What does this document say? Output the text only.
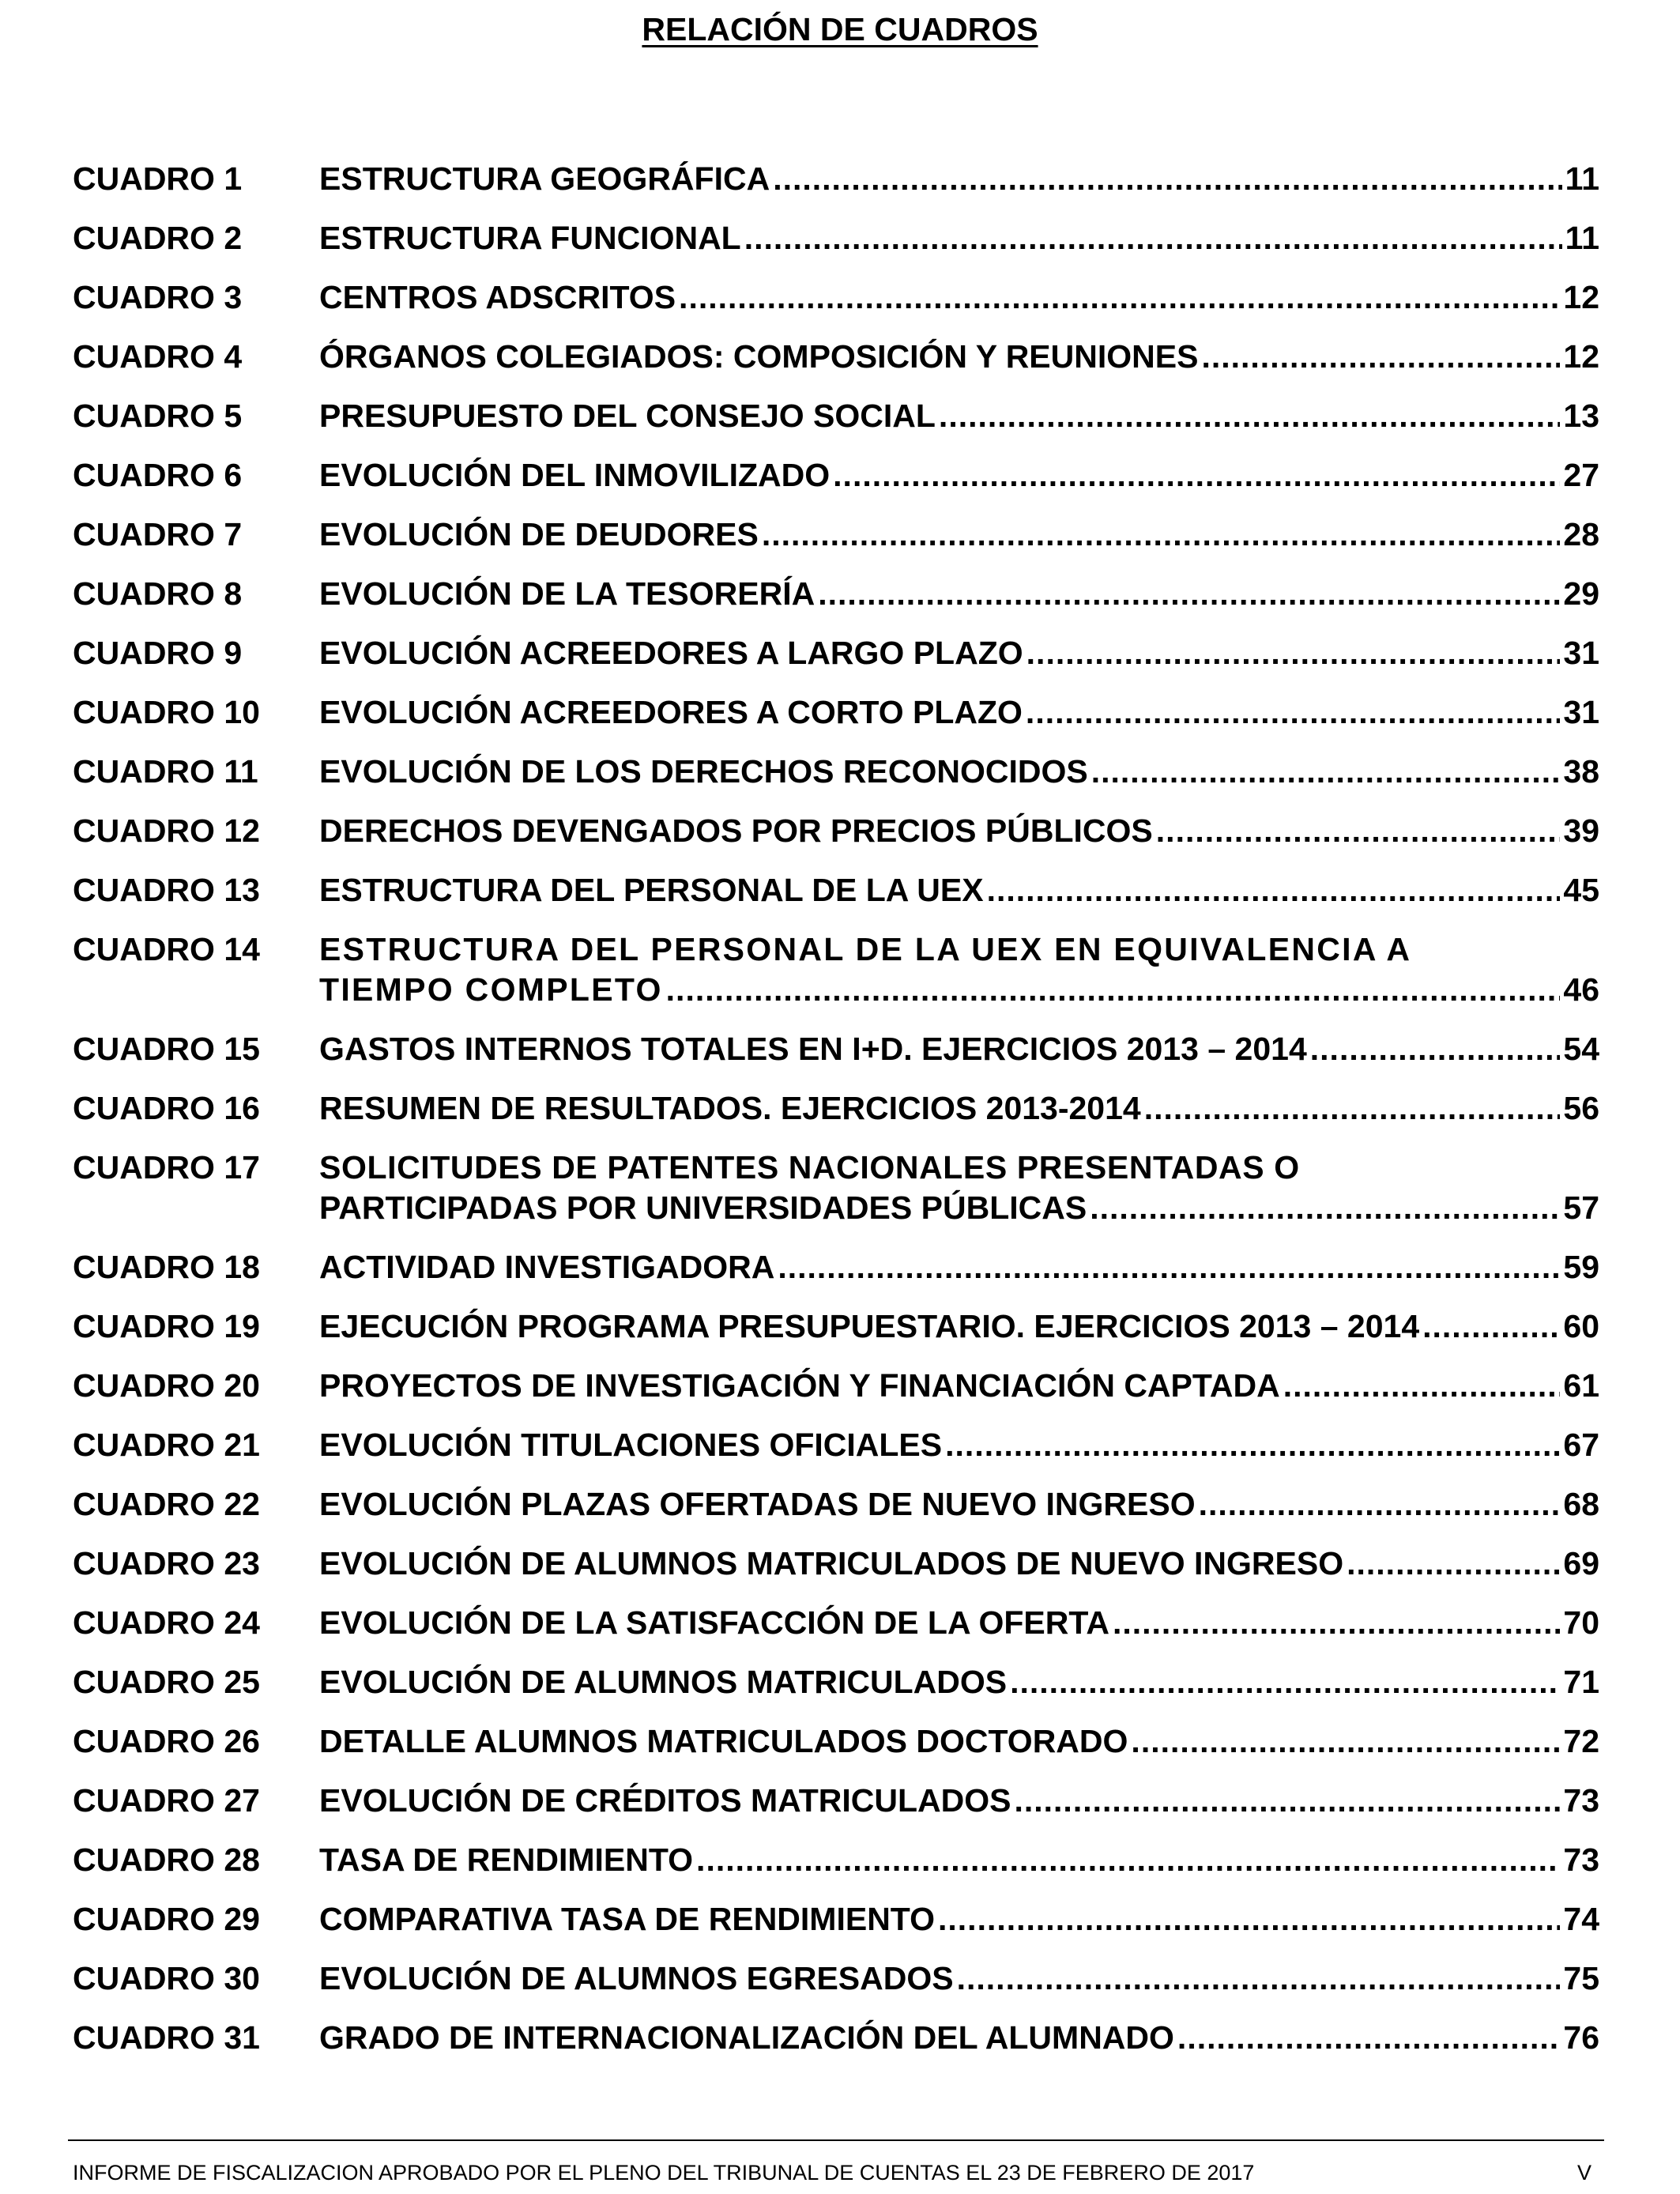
RELACIÓN DE CUADROS
CUADRO 1	ESTRUCTURA GEOGRÁFICA .....	11
CUADRO 2	ESTRUCTURA FUNCIONAL .....	11
CUADRO 3	CENTROS ADSCRITOS .....	12
CUADRO 4	ÓRGANOS COLEGIADOS: COMPOSICIÓN Y REUNIONES .....	12
CUADRO 5	PRESUPUESTO DEL CONSEJO SOCIAL .....	13
CUADRO 6	EVOLUCIÓN DEL INMOVILIZADO .....	27
CUADRO 7	EVOLUCIÓN DE DEUDORES .....	28
CUADRO 8	EVOLUCIÓN DE LA TESORERÍA .....	29
CUADRO 9	EVOLUCIÓN ACREEDORES A LARGO PLAZO .....	31
CUADRO 10	EVOLUCIÓN ACREEDORES A CORTO PLAZO .....	31
CUADRO 11	EVOLUCIÓN DE LOS DERECHOS RECONOCIDOS .....	38
CUADRO 12	DERECHOS DEVENGADOS POR PRECIOS PÚBLICOS .....	39
CUADRO 13	ESTRUCTURA DEL PERSONAL DE LA UEX .....	45
CUADRO 14	ESTRUCTURA DEL PERSONAL DE LA UEX EN EQUIVALENCIA A
TIEMPO COMPLETO .....	46
CUADRO 15	GASTOS INTERNOS TOTALES EN I+D. EJERCICIOS 2013 – 2014 .....	54
CUADRO 16	RESUMEN DE RESULTADOS. EJERCICIOS 2013-2014 .....	56
CUADRO 17	SOLICITUDES DE PATENTES NACIONALES PRESENTADAS O
PARTICIPADAS POR UNIVERSIDADES PÚBLICAS .....	57
CUADRO 18	ACTIVIDAD INVESTIGADORA .....	59
CUADRO 19	EJECUCIÓN PROGRAMA PRESUPUESTARIO. EJERCICIOS 2013 – 2014 .....	60
CUADRO 20	PROYECTOS DE INVESTIGACIÓN Y FINANCIACIÓN CAPTADA .....	61
CUADRO 21	EVOLUCIÓN TITULACIONES OFICIALES .....	67
CUADRO 22	EVOLUCIÓN PLAZAS OFERTADAS DE NUEVO INGRESO .....	68
CUADRO 23	EVOLUCIÓN DE ALUMNOS MATRICULADOS DE NUEVO INGRESO .....	69
CUADRO 24	EVOLUCIÓN DE LA SATISFACCIÓN DE LA OFERTA .....	70
CUADRO 25	EVOLUCIÓN DE ALUMNOS MATRICULADOS .....	71
CUADRO 26	DETALLE ALUMNOS MATRICULADOS DOCTORADO .....	72
CUADRO 27	EVOLUCIÓN DE CRÉDITOS MATRICULADOS .....	73
CUADRO 28	TASA DE RENDIMIENTO .....	73
CUADRO 29	COMPARATIVA TASA DE RENDIMIENTO .....	74
CUADRO 30	EVOLUCIÓN DE ALUMNOS EGRESADOS .....	75
CUADRO 31	GRADO DE INTERNACIONALIZACIÓN DEL ALUMNADO .....	76
INFORME DE FISCALIZACION APROBADO POR EL PLENO DEL TRIBUNAL DE CUENTAS EL 23 DE FEBRERO DE 2017	V
